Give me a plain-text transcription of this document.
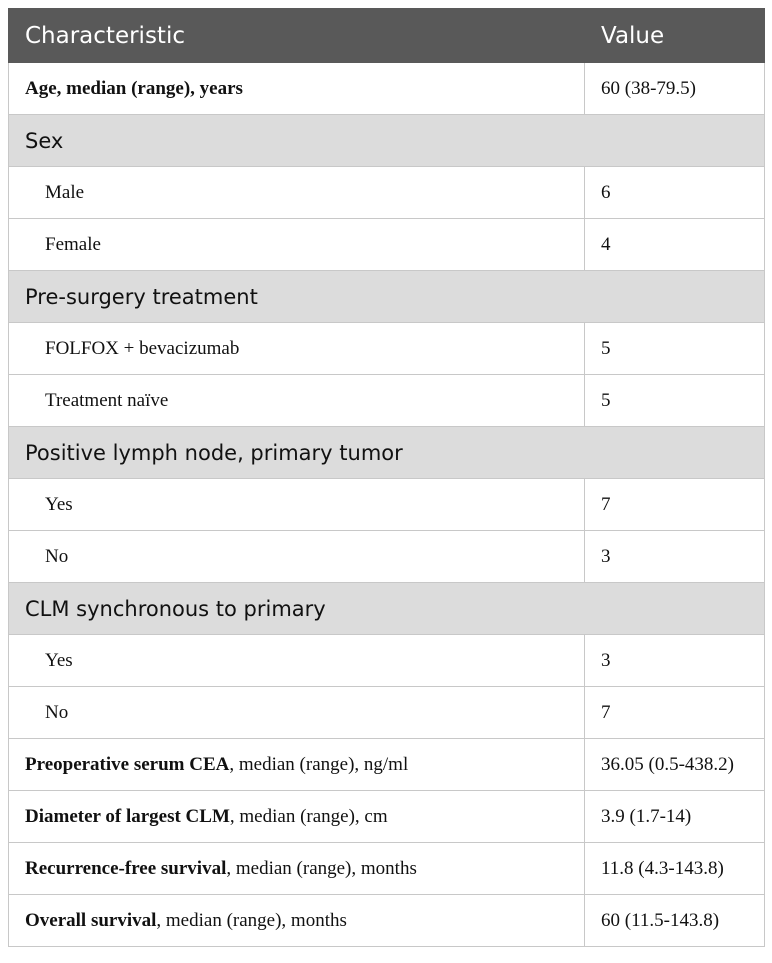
Characteristic	Value
Age, median (range), years	60 (38-79.5)
Sex	
Male	6
Female	4
Pre-surgery treatment	
FOLFOX + bevacizumab	5
Treatment naïve	5
Positive lymph node, primary tumor	
Yes	7
No	3
CLM synchronous to primary	
Yes	3
No	7
Preoperative serum CEA, median (range), ng/ml	36.05 (0.5-438.2)
Diameter of largest CLM, median (range), cm	3.9 (1.7-14)
Recurrence-free survival, median (range), months	11.8 (4.3-143.8)
Overall survival, median (range), months	60 (11.5-143.8)
